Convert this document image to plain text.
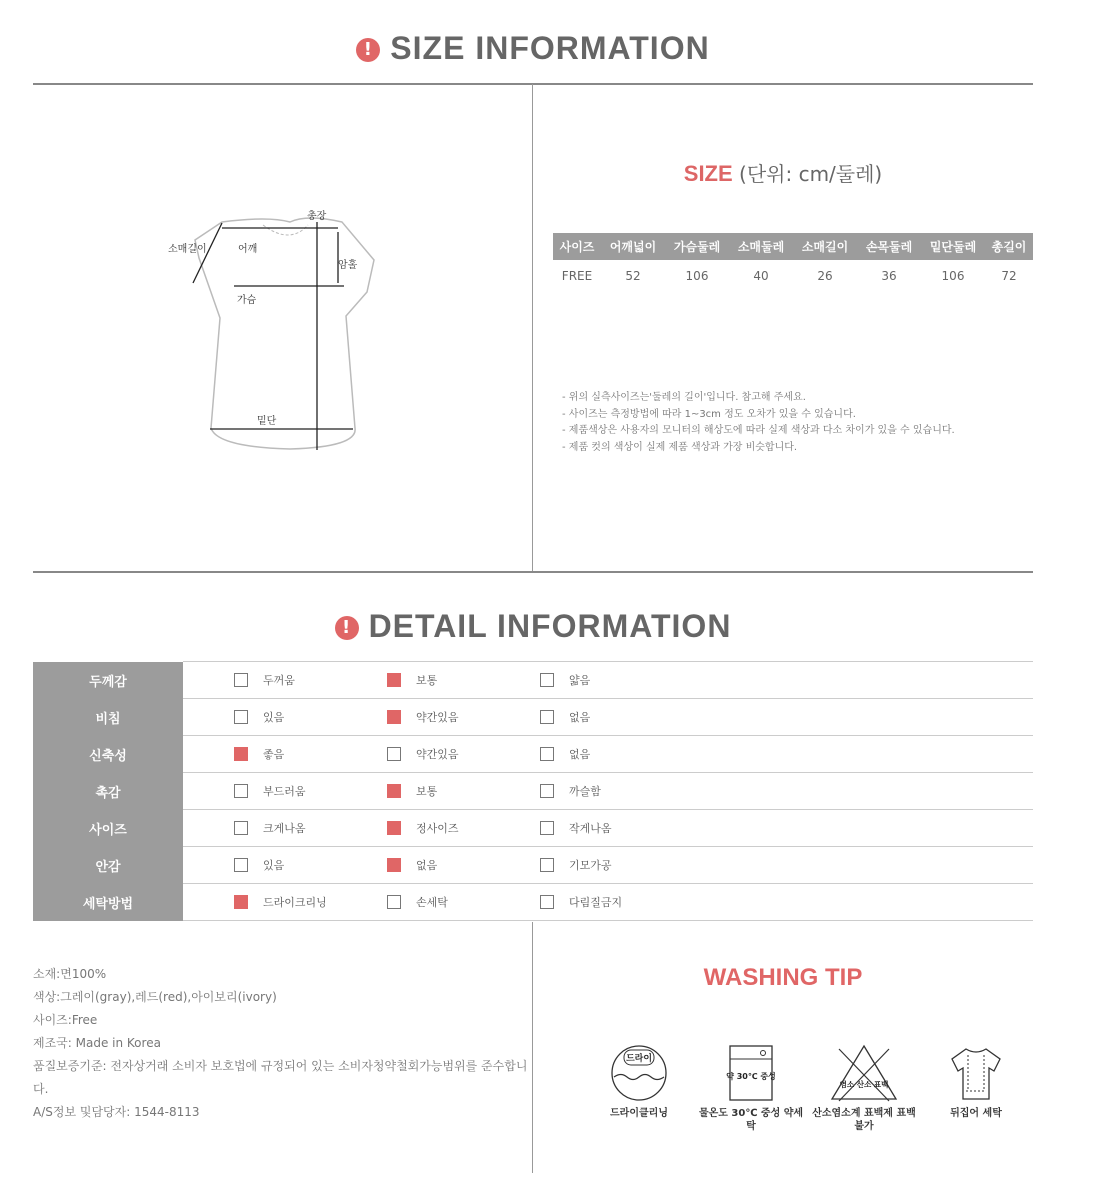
! SIZE INFORMATION
총장
소매길이	어깨
암홀
가슴
밑단
SIZE (단위: cm/둘레)
사이즈	어깨넓이	가슴둘레	소매둘레	소매길이	손목둘레	밑단둘레	총길이
FREE	52	106	40	26	36	106	72
- 위의 실측사이즈는'둘레의 길이'입니다. 참고해 주세요.
- 사이즈는 측정방법에 따라 1~3cm 정도 오차가 있을 수 있습니다.
- 제품색상은 사용자의 모니터의 해상도에 따라 실제 색상과 다소 차이가 있을 수 있습니다.
- 제품 컷의 색상이 실제 제품 색상과 가장 비슷합니다.
! DETAIL INFORMATION
두께감	두꺼움 보통 얇음

비침	있음 약간있음 없음

신축성	좋음 약간있음 없음

촉감	부드러움 보통 까슬함

사이즈	크게나옴 정사이즈 작게나옴

안감	있음 없음 기모가공

세탁방법	드라이크리닝 손세탁 다림질금지
소재:면100%
색상:그레이(gray),레드(red),아이보리(ivory)
사이즈:Free
제조국: Made in Korea
품질보증기준: 전자상거래 소비자 보호법에 규정되어 있는 소비자청약철회가능범위를 준수합니다.
A/S정보 및담당자: 1544-8113
WASHING TIP
드라이
드라이클리닝
약 30℃ 중성
물온도 30℃ 중성 약세탁
염소 산소 표백
산소염소계 표백제 표백 불가
뒤집어 세탁
